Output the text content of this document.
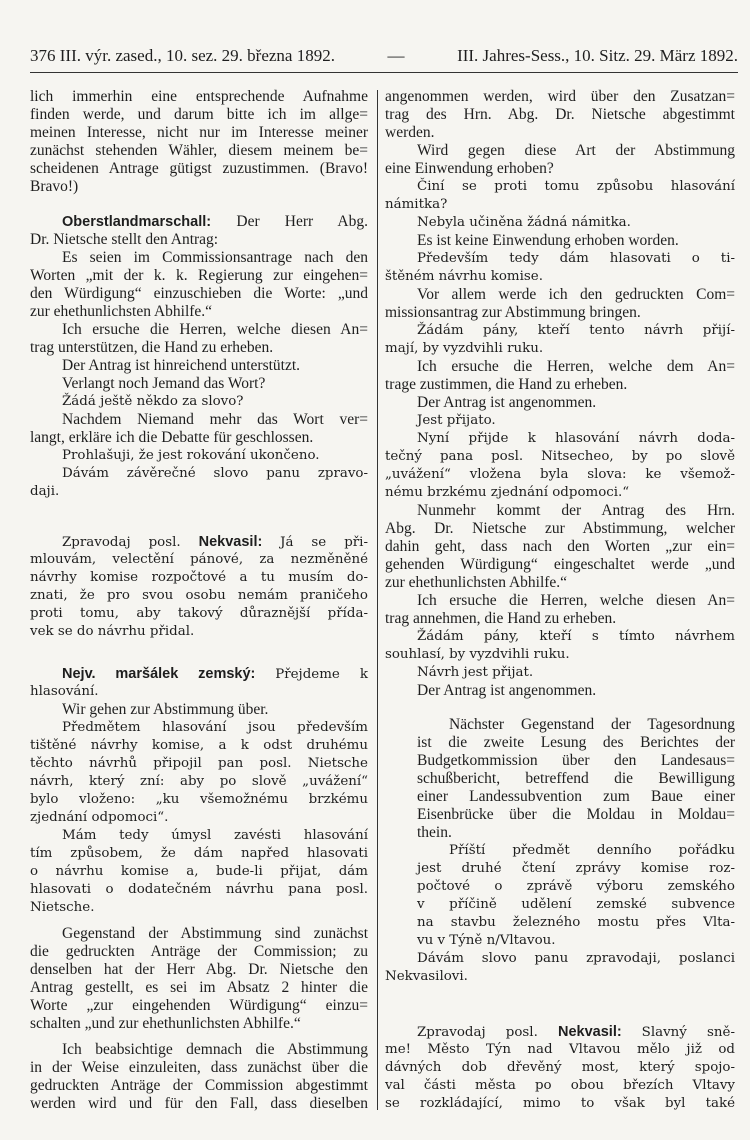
376 III. výr. zased., 10. sez. 29. března 1892.	—	III. Jahres-Sess., 10. Sitz. 29. März 1892.
lich immerhin eine entsprechende Aufnahme
finden werde, und darum bitte ich im allge=
meinen Interesse, nicht nur im Interesse meiner
zunächst stehenden Wähler, diesem meinem be=
scheidenen Antrage gütigst zuzustimmen. (Bravo!
Bravo!)
Oberstlandmarschall: Der Herr Abg.
Dr. Nietsche stellt den Antrag:
Es seien im Commissionsantrage nach den
Worten „mit der k. k. Regierung zur eingehen=
den Würdigung“ einzuschieben die Worte: „und
zur ehethunlichsten Abhilfe.“
Ich ersuche die Herren, welche diesen An=
trag unterstützen, die Hand zu erheben.
Der Antrag ist hinreichend unterstützt.
Verlangt noch Jemand das Wort?
Žádá ještě někdo za slovo?
Nachdem Niemand mehr das Wort ver=
langt, erkläre ich die Debatte für geschlossen.
Prohlašuji, že jest rokování ukončeno.
Dávám závěrečné slovo panu zpravo-
daji.
Zpravodaj posl. Nekvasil: Já se při-
mlouvám, velectění pánové, za nezměněné
návrhy komise rozpočtové a tu musím do-
znati, že pro svou osobu nemám praničeho
proti tomu, aby takový důraznější přída-
vek se do návrhu přidal.
Nejv. maršálek zemský: Přejdeme k
hlasování.
Wir gehen zur Abstimmung über.
Předmětem hlasování jsou především
tištěné návrhy komise, a k odst druhému
těchto návrhů připojil pan posl. Nietsche
návrh, který zní: aby po slově „uvážení“
bylo vloženo: „ku všemožnému brzkému
zjednání odpomoci“.
Mám tedy úmysl zavésti hlasování
tím způsobem, že dám napřed hlasovati
o návrhu komise a, bude-li přijat, dám
hlasovati o dodatečném návrhu pana posl.
Nietsche.
Gegenstand der Abstimmung sind zunächst
die gedruckten Anträge der Commission; zu
denselben hat der Herr Abg. Dr. Nietsche den
Antrag gestellt, es sei im Absatz 2 hinter die
Worte „zur eingehenden Würdigung“ einzu=
schalten „und zur ehethunlichsten Abhilfe.“
Ich beabsichtige demnach die Abstimmung
in der Weise einzuleiten, dass zunächst über die
gedruckten Anträge der Commission abgestimmt
werden wird und für den Fall, dass dieselben
angenommen werden, wird über den Zusatzan=
trag des Hrn. Abg. Dr. Nietsche abgestimmt
werden.
Wird gegen diese Art der Abstimmung
eine Einwendung erhoben?
Činí se proti tomu způsobu hlasování
námitka?
Nebyla učiněna žádná námitka.
Es ist keine Einwendung erhoben worden.
Především tedy dám hlasovati o ti-
štěném návrhu komise.
Vor allem werde ich den gedruckten Com=
missionsantrag zur Abstimmung bringen.
Žádám pány, kteří tento návrh přijí-
mají, by vyzdvihli ruku.
Ich ersuche die Herren, welche dem An=
trage zustimmen, die Hand zu erheben.
Der Antrag ist angenommen.
Jest přijato.
Nyní přijde k hlasování návrh doda-
tečný pana posl. Nitsecheo, by po slově
„uvážení“ vložena byla slova: ke všemož-
nému brzkému zjednání odpomoci.“
Nunmehr kommt der Antrag des Hrn.
Abg. Dr. Nietsche zur Abstimmung, welcher
dahin geht, dass nach den Worten „zur ein=
gehenden Würdigung“ eingeschaltet werde „und
zur ehethunlichsten Abhilfe.“
Ich ersuche die Herren, welche diesen An=
trag annehmen, die Hand zu erheben.
Žádám pány, kteří s tímto návrhem
souhlasí, by vyzdvihli ruku.
Návrh jest přijat.
Der Antrag ist angenommen.
Nächster Gegenstand der Tagesordnung
ist die zweite Lesung des Berichtes der
Budgetkommission über den Landesaus=
schußbericht, betreffend die Bewilligung
einer Landessubvention zum Baue einer
Eisenbrücke über die Moldau in Moldau=
thein.
Příští předmět denního pořádku
jest druhé čtení zprávy komise roz-
počtové o zprávě výboru zemského
v příčině udělení zemské subvence
na stavbu železného mostu přes Vlta-
vu v Týně n/Vltavou.
Dávám slovo panu zpravodaji, poslanci
Nekvasilovi.
Zpravodaj posl. Nekvasil: Slavný sně-
me! Město Týn nad Vltavou mělo již od
dávných dob dřevěný most, který spojo-
val části města po obou březích Vltavy
se rozkládající, mimo to však byl také
